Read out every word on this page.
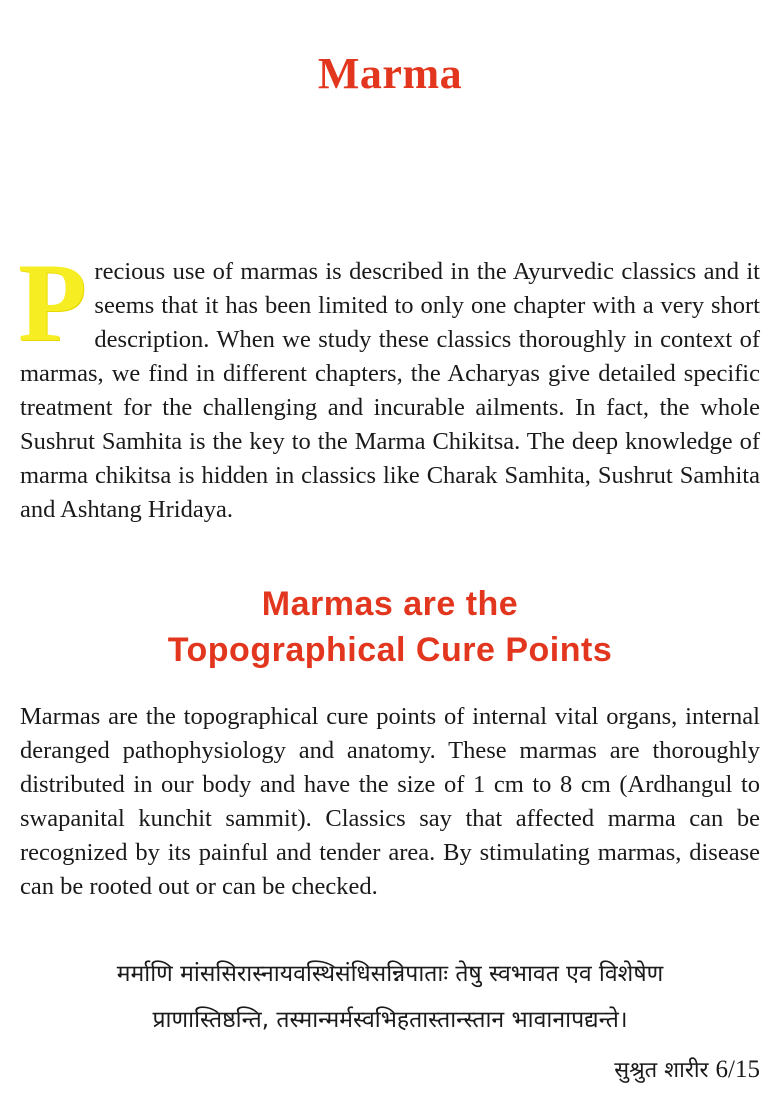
Marma
Precious use of marmas is described in the Ayurvedic classics and it seems that it has been limited to only one chapter with a very short description. When we study these classics thoroughly in context of marmas, we find in different chapters, the Acharyas give detailed specific treatment for the challenging and incurable ailments. In fact, the whole Sushrut Samhita is the key to the Marma Chikitsa. The deep knowledge of marma chikitsa is hidden in classics like Charak Samhita, Sushrut Samhita and Ashtang Hridaya.
Marmas are the
Topographical Cure Points
Marmas are the topographical cure points of internal vital organs, internal deranged pathophysiology and anatomy. These marmas are thoroughly distributed in our body and have the size of 1 cm to 8 cm (Ardhangul to swapanital kunchit sammit). Classics say that affected marma can be recognized by its painful and tender area. By stimulating marmas, disease can be rooted out or can be checked.
मर्माणि मांससिरास्नायवस्थिसंधिसन्निपाताः तेषु स्वभावत एव विशेषेण
प्राणास्तिष्ठन्ति, तस्मान्मर्मस्वभिहतास्तान्स्तान भावानापद्यन्ते।
सुश्रुत शारीर 6/15
